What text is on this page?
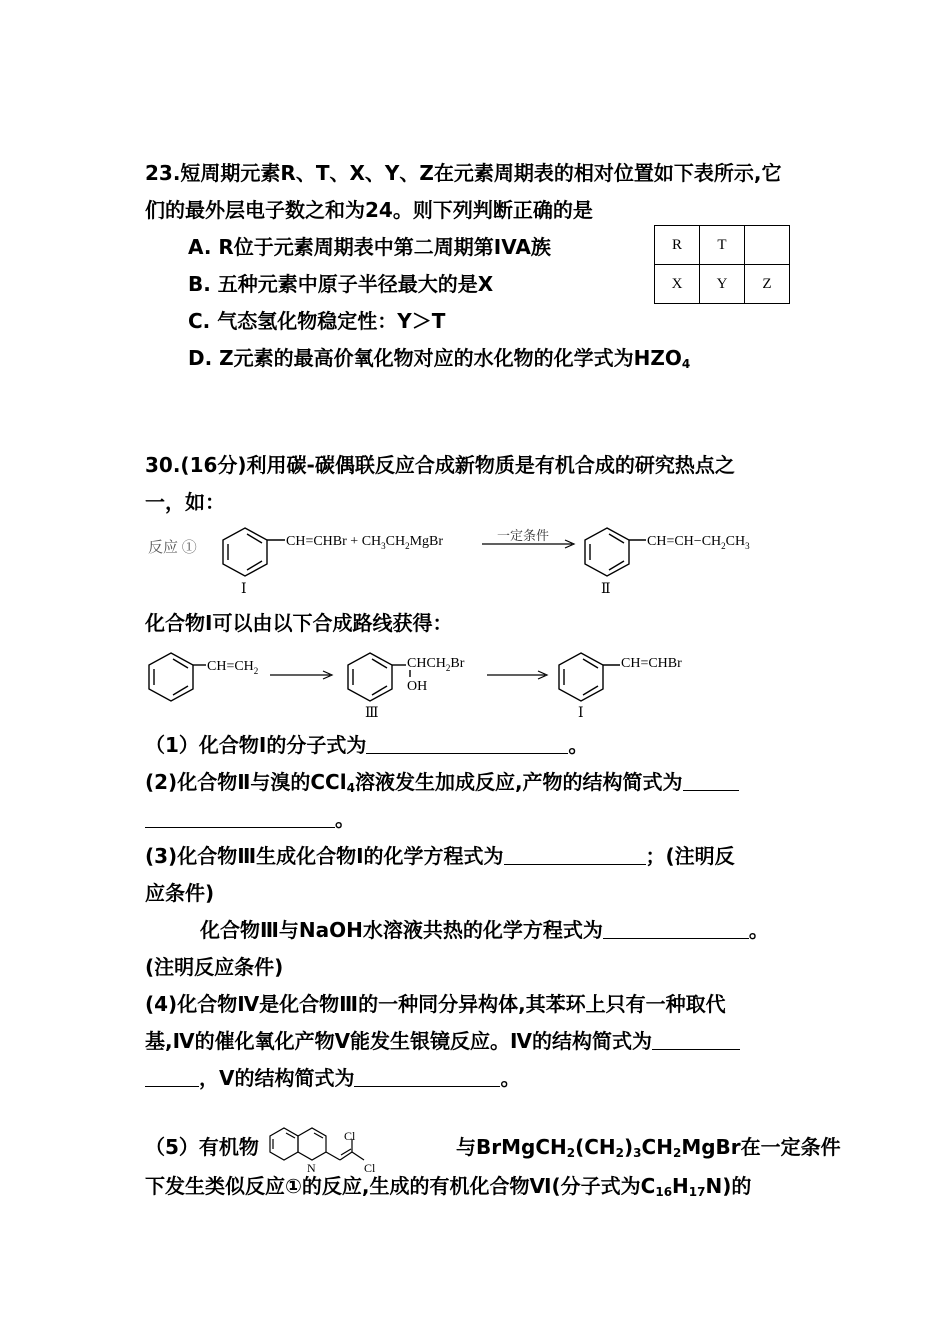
23.短周期元素R、T、X、Y、Z在元素周期表的相对位置如下表所示,它
们的最外层电子数之和为24。则下列判断正确的是
A. R位于元素周期表中第二周期第IVA族
B. 五种元素中原子半径最大的是X
C. 气态氢化物稳定性：Y＞T
D. Z元素的最高价氧化物对应的水化物的化学式为$HZO_4$
R	T	
X	Y	Z
30.(16分)利用碳-碳偶联反应合成新物质是有机合成的研究热点之
一，如：
反应 ①	CH=CHBr + $CH_3CH_2MgBr$
Ⅰ
一定条件	$CH=CH-CH_2CH_3$
Ⅱ
化合物Ⅰ可以由以下合成路线获得：
$CH=CH_2$	$CHCH_2Br$
OH
Ⅲ
CH=CHBr
Ⅰ
（1）化合物Ⅰ的分子式为	。
(2)化合物Ⅱ与溴的CCl$_4$溶液发生加成反应,产物的结构简式为
。
(3)化合物Ⅲ生成化合物Ⅰ的化学方程式为	；(注明反
应条件)
化合物Ⅲ与NaOH水溶液共热的化学方程式为	。
(注明反应条件)
(4)化合物Ⅳ是化合物Ⅲ的一种同分异构体,其苯环上只有一种取代
基,Ⅳ的催化氧化产物Ⅴ能发生银镜反应。Ⅳ的结构简式为
，Ⅴ的结构简式为	。
Cl
Cl
N
（5）有机物	与$BrMgCH_2(CH_2)_3CH_2MgBr$在一定条件
下发生类似反应①的反应,生成的有机化合物Ⅵ(分子式为$C_{16}H_{17}N$)的
